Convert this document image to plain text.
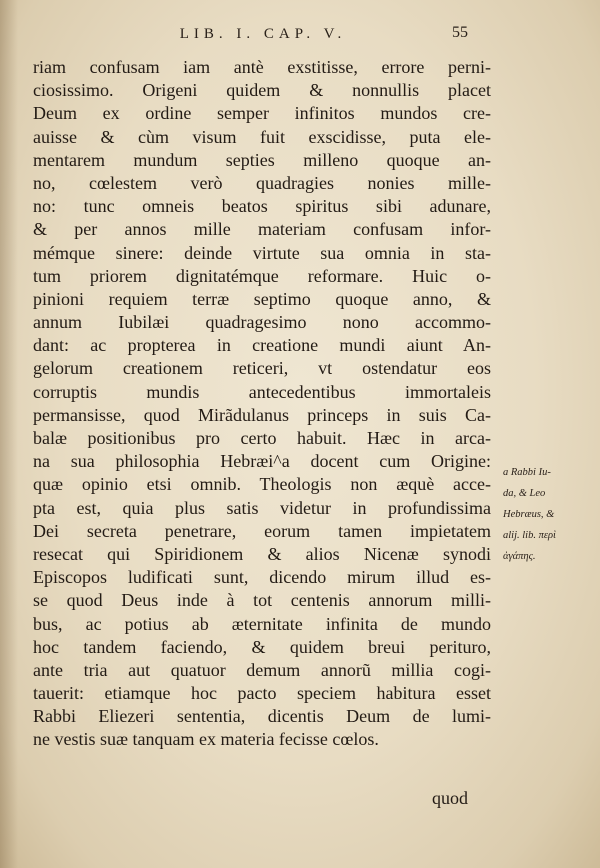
LIB. I. CAP. V.	55
riam confusam iam antè exstitisse, errore perni-
ciosissimo. Origeni quidem & nonnullis placet
Deum ex ordine semper infinitos mundos cre-
auisse & cùm visum fuit exscidisse, puta ele-
mentarem mundum septies milleno quoque an-
no, cœlestem verò quadragies nonies mille-
no: tunc omneis beatos spiritus sibi adunare,
& per annos mille materiam confusam infor-
mémque sinere: deinde virtute sua omnia in sta-
tum priorem dignitatémque reformare. Huic o-
pinioni requiem terræ septimo quoque anno, &
annum Iubilæi quadragesimo nono accommo-
dant: ac propterea in creatione mundi aiunt An-
gelorum creationem reticeri, vt ostendatur eos
corruptis mundis antecedentibus immortaleis
permansisse, quod Mirãdulanus princeps in suis Ca-
balæ positionibus pro certo habuit. Hæc in arca-
na sua philosophia Hebræi^a docent cum Origine:
quæ opinio etsi omnib. Theologis non æquè acce-
pta est, quia plus satis videtur in profundissima
Dei secreta penetrare, eorum tamen impietatem
resecat qui Spiridionem & alios Nicenæ synodi
Episcopos ludificati sunt, dicendo mirum illud es-
se quod Deus inde à tot centenis annorum milli-
bus, ac potius ab æternitate infinita de mundo
hoc tandem faciendo, & quidem breui perituro,
ante tria aut quatuor demum annorũ millia cogi-
tauerit: etiamque hoc pacto speciem habitura esset
Rabbi Eliezeri sententia, dicentis Deum de lumi-
ne vestis suæ tanquam ex materia fecisse cœlos.
quod
a Rabbi Iu-
da, & Leo
Hebræus, &
alij. lib. περὶ
ἀγάπης.
